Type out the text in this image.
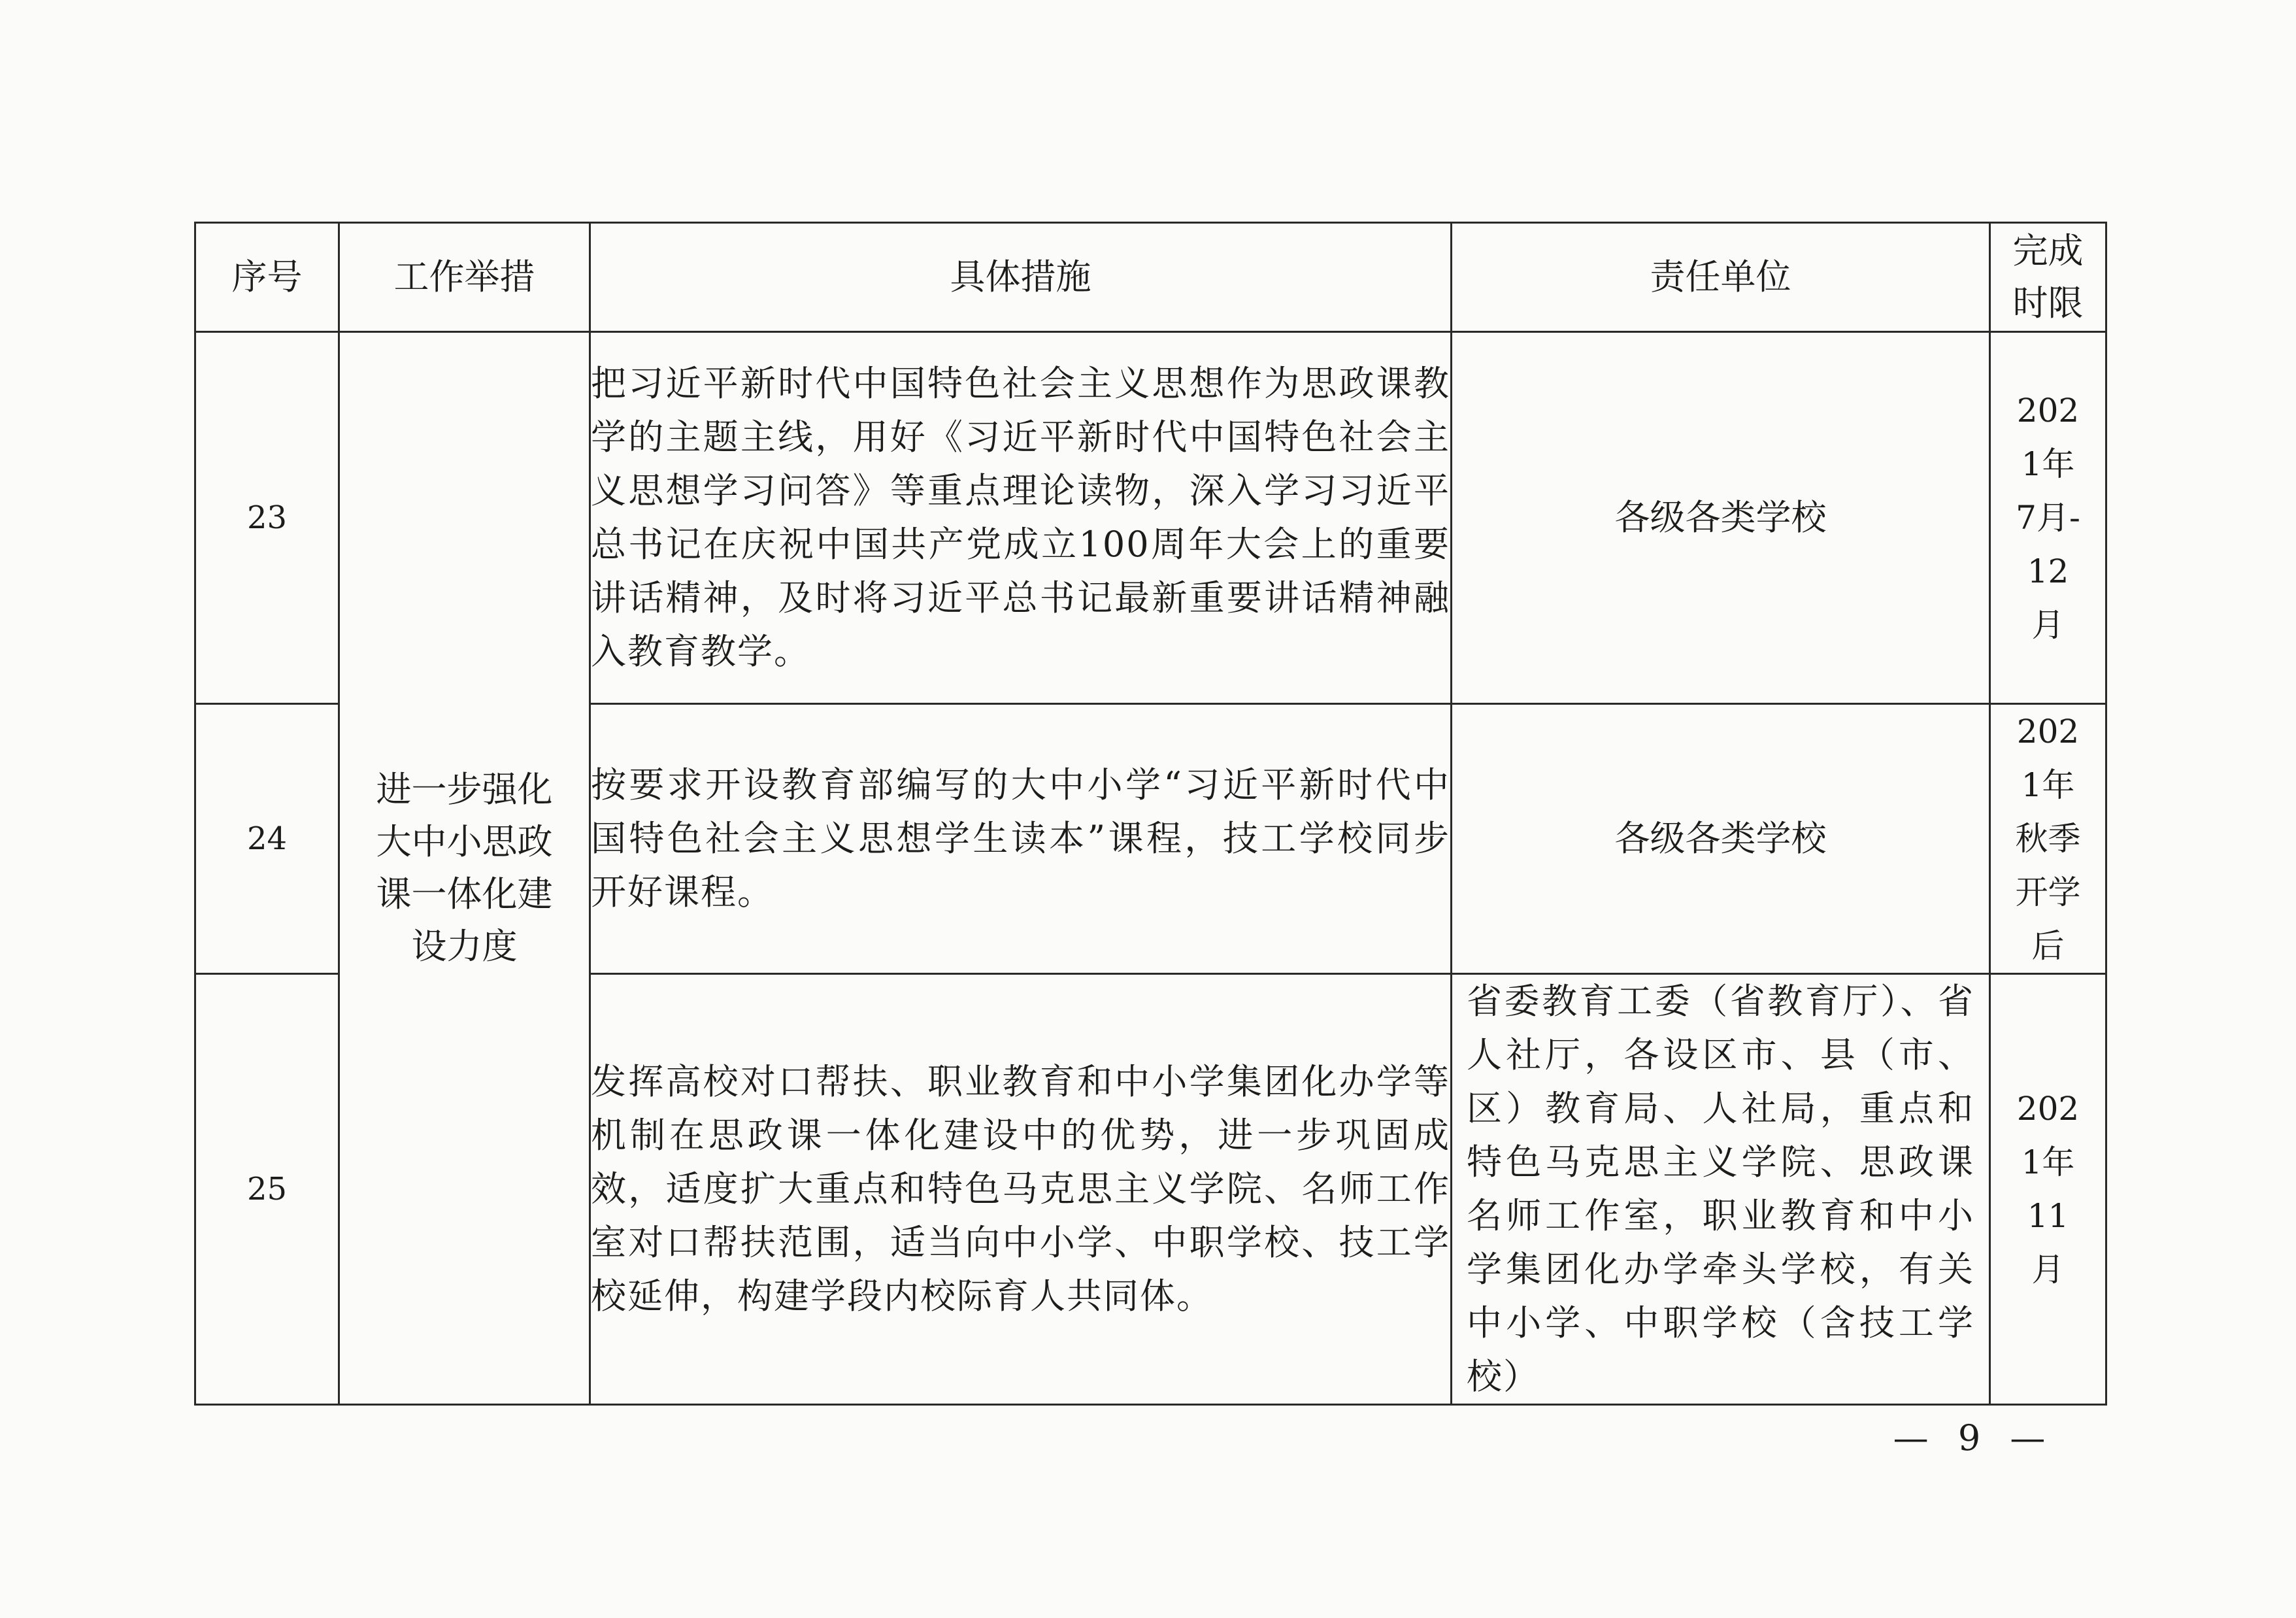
序号	工作举措	具体措施	责任单位	完成时限
23	进一步强化大中小思政课一体化建设力度	把习近平新时代中国特色社会主义思想作为思政课教学的主题主线，用好《习近平新时代中国特色社会主义思想学习问答》等重点理论读物，深入学习习近平总书记在庆祝中国共产党成立100周年大会上的重要讲话精神，及时将习近平总书记最新重要讲话精神融入教育教学。	各级各类学校	2021年7月-12月
24		按要求开设教育部编写的大中小学“习近平新时代中国特色社会主义思想学生读本”课程，技工学校同步开好课程。	各级各类学校	2021年秋季开学后
25		发挥高校对口帮扶、职业教育和中小学集团化办学等机制在思政课一体化建设中的优势，进一步巩固成效，适度扩大重点和特色马克思主义学院、名师工作室对口帮扶范围，适当向中小学、中职学校、技工学校延伸，构建学段内校际育人共同体。	省委教育工委（省教育厅）、省人社厅，各设区市、县（市、区）教育局、人社局，重点和特色马克思主义学院、思政课名师工作室，职业教育和中小学集团化办学牵头学校，有关中小学、中职学校（含技工学校）	2021年11月
— 9 —
